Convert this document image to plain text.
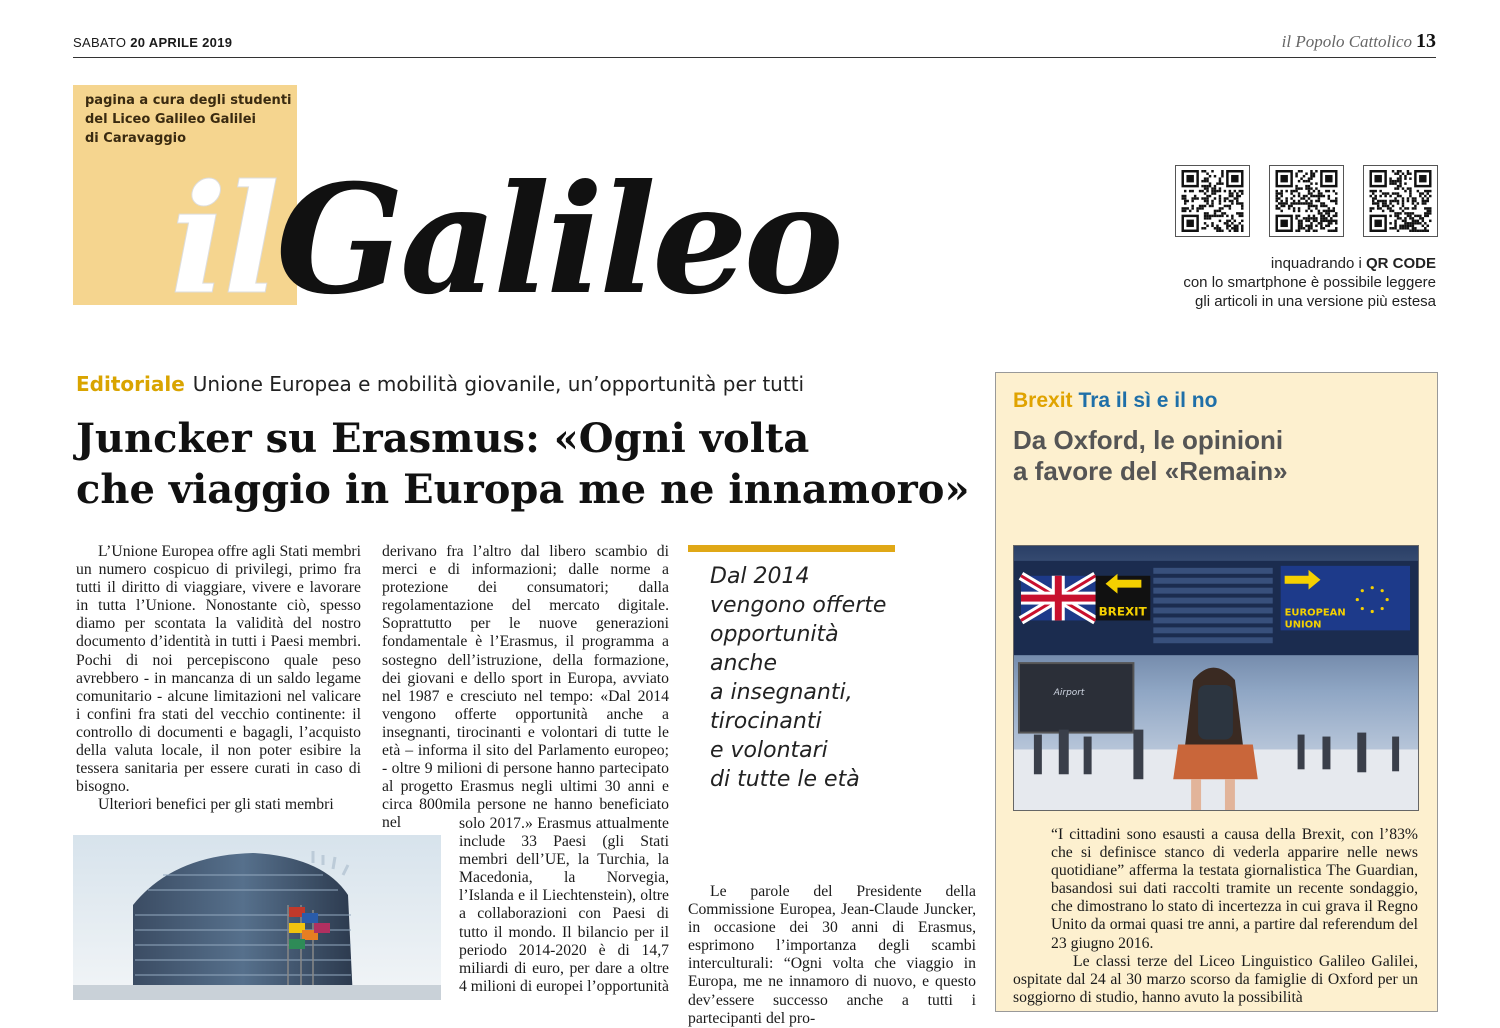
SABATO 20 APRILE 2019	il Popolo Cattolico 13
pagina a cura degli studenti
del Liceo Galileo Galilei
di Caravaggio
ilGalileo	inquadrando i QR CODE
con lo smartphone è possibile leggere
gli articoli in una versione più estesa
Editoriale Unione Europea e mobilità giovanile, un’opportunità per tutti
Juncker su Erasmus: «Ogni volta
che viaggio in Europa me ne innamoro»

L’Unione Europea offre agli Stati membri un numero cospicuo di privilegi, primo fra tutti il diritto di viaggiare, vivere e lavorare in tutta l’Unione. Nonostante ciò, spesso diamo per scontata la validità del nostro documento d’identità in tutti i Paesi membri. Pochi di noi percepiscono quale peso avrebbero - in mancanza di un saldo legame comunitario - alcune limitazioni nel valicare i confini fra stati del vecchio continente: il controllo di documenti e bagagli, l’acquisto della valuta locale, il non poter esibire la tessera sanitaria per essere curati in caso di bisogno.

Ulteriori benefici per gli stati membri

derivano fra l’altro dal libero scambio di merci e di informazioni; dalle norme a protezione dei consumatori; dalla regolamentazione del mercato digitale. Soprattutto per le nuove generazioni fondamentale è l’Erasmus, il programma a sostegno dell’istruzione, della formazione, dei giovani e dello sport in Europa, avviato nel 1987 e cresciuto nel tempo: «Dal 2014 vengono offerte opportunità anche a insegnanti, tirocinanti e volontari di tutte le età – informa il sito del Parlamento europeo; - oltre 9 milioni di persone hanno partecipato al progetto Erasmus negli ultimi 30 anni e circa 800mila persone ne hanno beneficiato nel	solo 2017.» Erasmus attualmente include 33 Paesi (gli Stati membri dell’UE, la Turchia, la Macedonia, la Norvegia, l’Islanda e il Liechtenstein), oltre a collaborazioni con Paesi di tutto il mondo. Il bilancio per il periodo 2014-2020 è di 14,7 miliardi di euro, per dare a oltre 4 milioni di europei l’opportunità

Le parole del Presidente della Commissione Europea, Jean-Claude Juncker, in occasione dei 30 anni di Erasmus, esprimono l’importanza degli scambi interculturali: “Ogni volta che viaggio in Europa, me ne innamoro di nuovo, e questo dev’essere successo anche a tutti i partecipanti del pro-

Dal 2014
vengono offerte
opportunità
anche
a insegnanti,
tirocinanti
e volontari
di tutte le età
Brexit Tra il sì e il no
Da Oxford, le opinioni
a favore del «Remain»
BREXIT	EUROPEAN
UNION
Airport

“I cittadini sono esausti a causa della Brexit, con l’83% che si definisce stanco di vederla apparire nelle news quotidiane” afferma la testata giornalistica The Guardian, basandosi sui dati raccolti tramite un recente sondaggio, che dimostrano lo stato di incertezza in cui grava il Regno Unito da ormai quasi tre anni, a partire dal referendum del 23 giugno 2016.

Le classi terze del Liceo Linguistico Galileo Galilei, ospitate dal 24 al 30 marzo scorso da famiglie di Oxford per un soggiorno di studio, hanno avuto la possibilità
